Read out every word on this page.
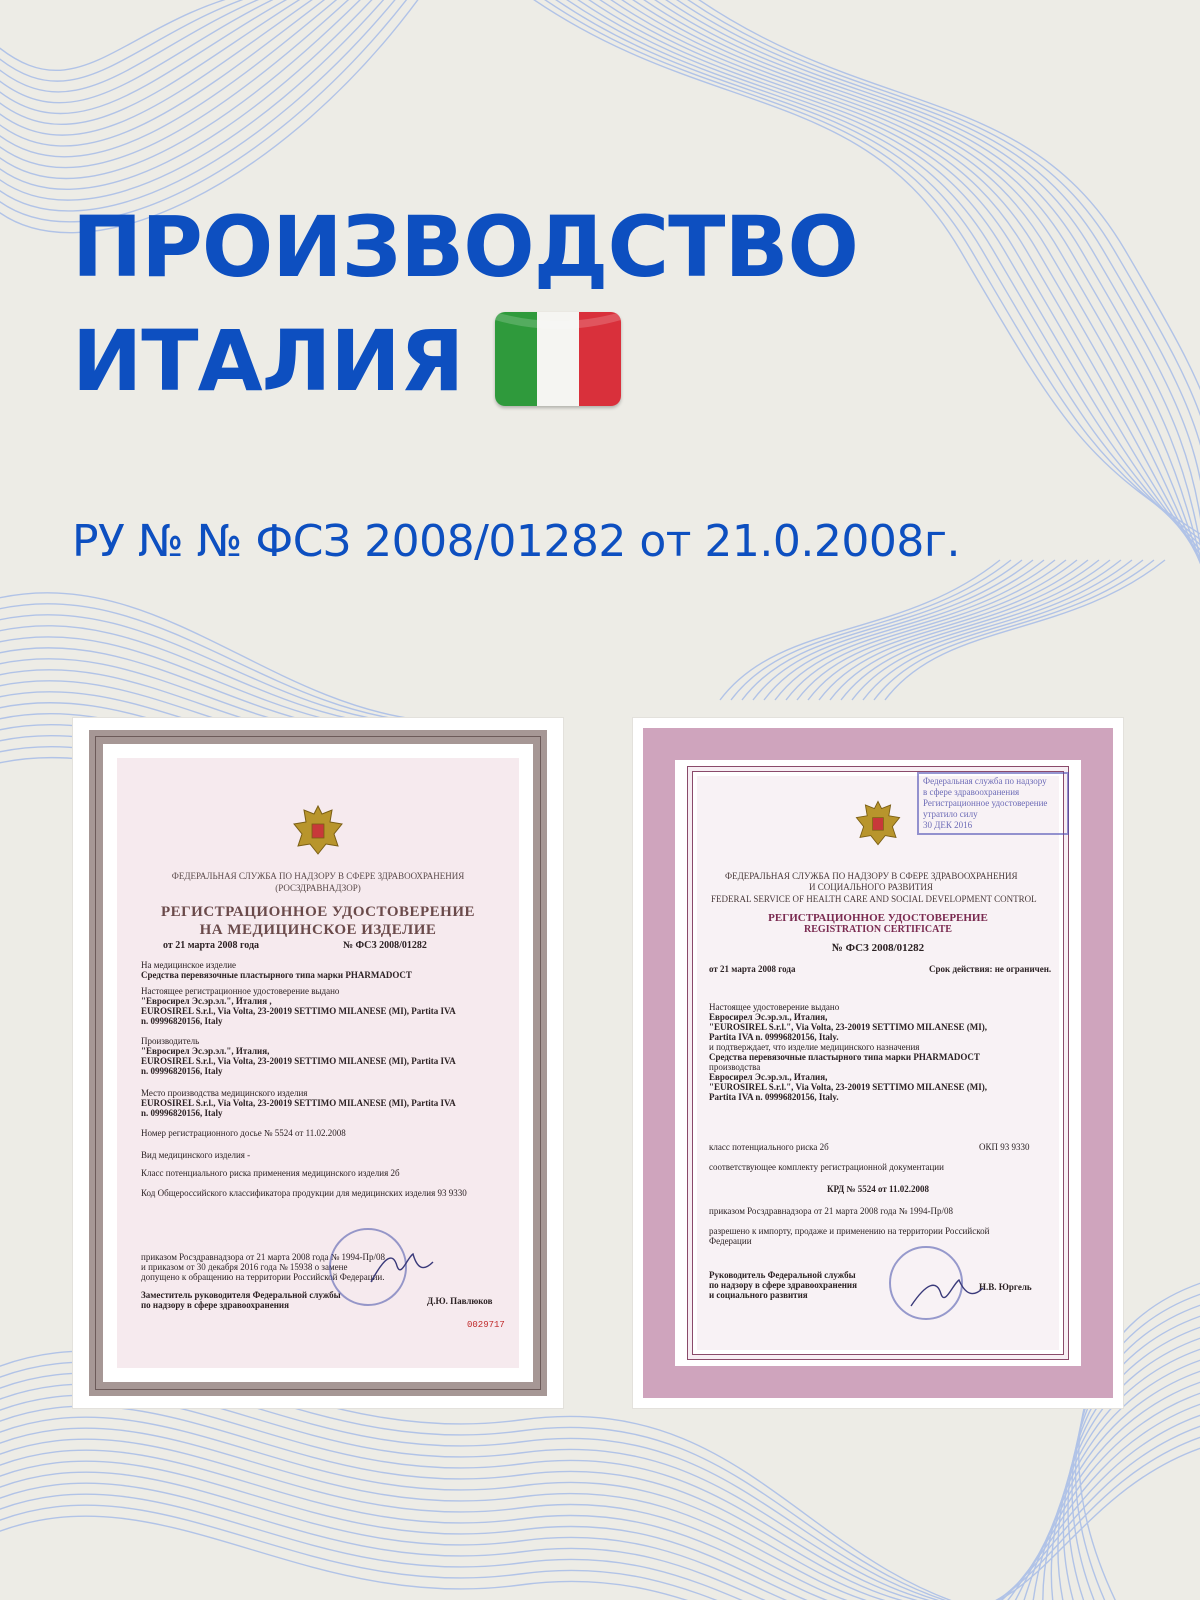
ПРОИЗВОДСТВО
ИТАЛИЯ
РУ № № ФСЗ 2008/01282 от 21.0.2008г.
ФЕДЕРАЛЬНАЯ СЛУЖБА ПО НАДЗОРУ В СФЕРЕ ЗДРАВООХРАНЕНИЯ
(РОСЗДРАВНАДЗОР)
РЕГИСТРАЦИОННОЕ УДОСТОВЕРЕНИЕ
НА МЕДИЦИНСКОЕ ИЗДЕЛИЕ
от 21 марта 2008 года	№ ФСЗ 2008/01282
На медицинское изделие
Средства перевязочные пластырного типа марки PHARMADOCT
Настоящее регистрационное удостоверение выдано
"Евросирел Эс.эр.эл.", Италия ,
EUROSIREL S.r.l., Via Volta, 23-20019 SETTIMO MILANESE (MI), Partita IVA
n. 09996820156, Italy
Производитель
"Евросирел Эс.эр.эл.", Италия,
EUROSIREL S.r.l., Via Volta, 23-20019 SETTIMO MILANESE (MI), Partita IVA
n. 09996820156, Italy
Место производства медицинского изделия
EUROSIREL S.r.l., Via Volta, 23-20019 SETTIMO MILANESE (MI), Partita IVA
n. 09996820156, Italy
Номер регистрационного досье № 5524 от 11.02.2008
Вид медицинского изделия -
Класс потенциального риска применения медицинского изделия 2б
Код Общероссийского классификатора продукции для медицинских изделия 93 9330
приказом Росздравнадзора от 21 марта 2008 года № 1994-Пр/08
и приказом от 30 декабря 2016 года № 15938 о замене
допущено к обращению на территории Российской Федерации.
Заместитель руководителя Федеральной службы
по надзору в сфере здравоохранения	Д.Ю. Павлюков
0029717
ФЕДЕРАЛЬНАЯ СЛУЖБА ПО НАДЗОРУ В СФЕРЕ ЗДРАВООХРАНЕНИЯ
И СОЦИАЛЬНОГО РАЗВИТИЯ
FEDERAL SERVICE OF HEALTH CARE AND SOCIAL DEVELOPMENT CONTROL
РЕГИСТРАЦИОННОЕ УДОСТОВЕРЕНИЕ
REGISTRATION CERTIFICATE
№ ФСЗ 2008/01282
от 21 марта 2008 года	Срок действия: не ограничен.
Настоящее удостоверение выдано
Евросирел Эс.эр.эл., Италия,
"EUROSIREL S.r.l.", Via Volta, 23-20019 SETTIMO MILANESE (MI),
Partita IVA n. 09996820156, Italy.
и подтверждает, что изделие медицинского назначения
Средства перевязочные пластырного типа марки PHARMADOCT
производства
Евросирел Эс.эр.эл., Италия,
"EUROSIREL S.r.l.", Via Volta, 23-20019 SETTIMO MILANESE (MI),
Partita IVA n. 09996820156, Italy.
класс потенциального риска 2б	ОКП 93 9330
соответствующее комплекту регистрационной документации
КРД № 5524 от 11.02.2008
приказом Росздравнадзора от 21 марта 2008 года № 1994-Пр/08
разрешено к импорту, продаже и применению на территории Российской
Федерации
Руководитель Федеральной службы
по надзору в сфере здравоохранения
и социального развития
Н.В. Юргель
Федеральная служба по надзору
в сфере здравоохранения
Регистрационное удостоверение
утратило силу
30 ДЕК 2016
